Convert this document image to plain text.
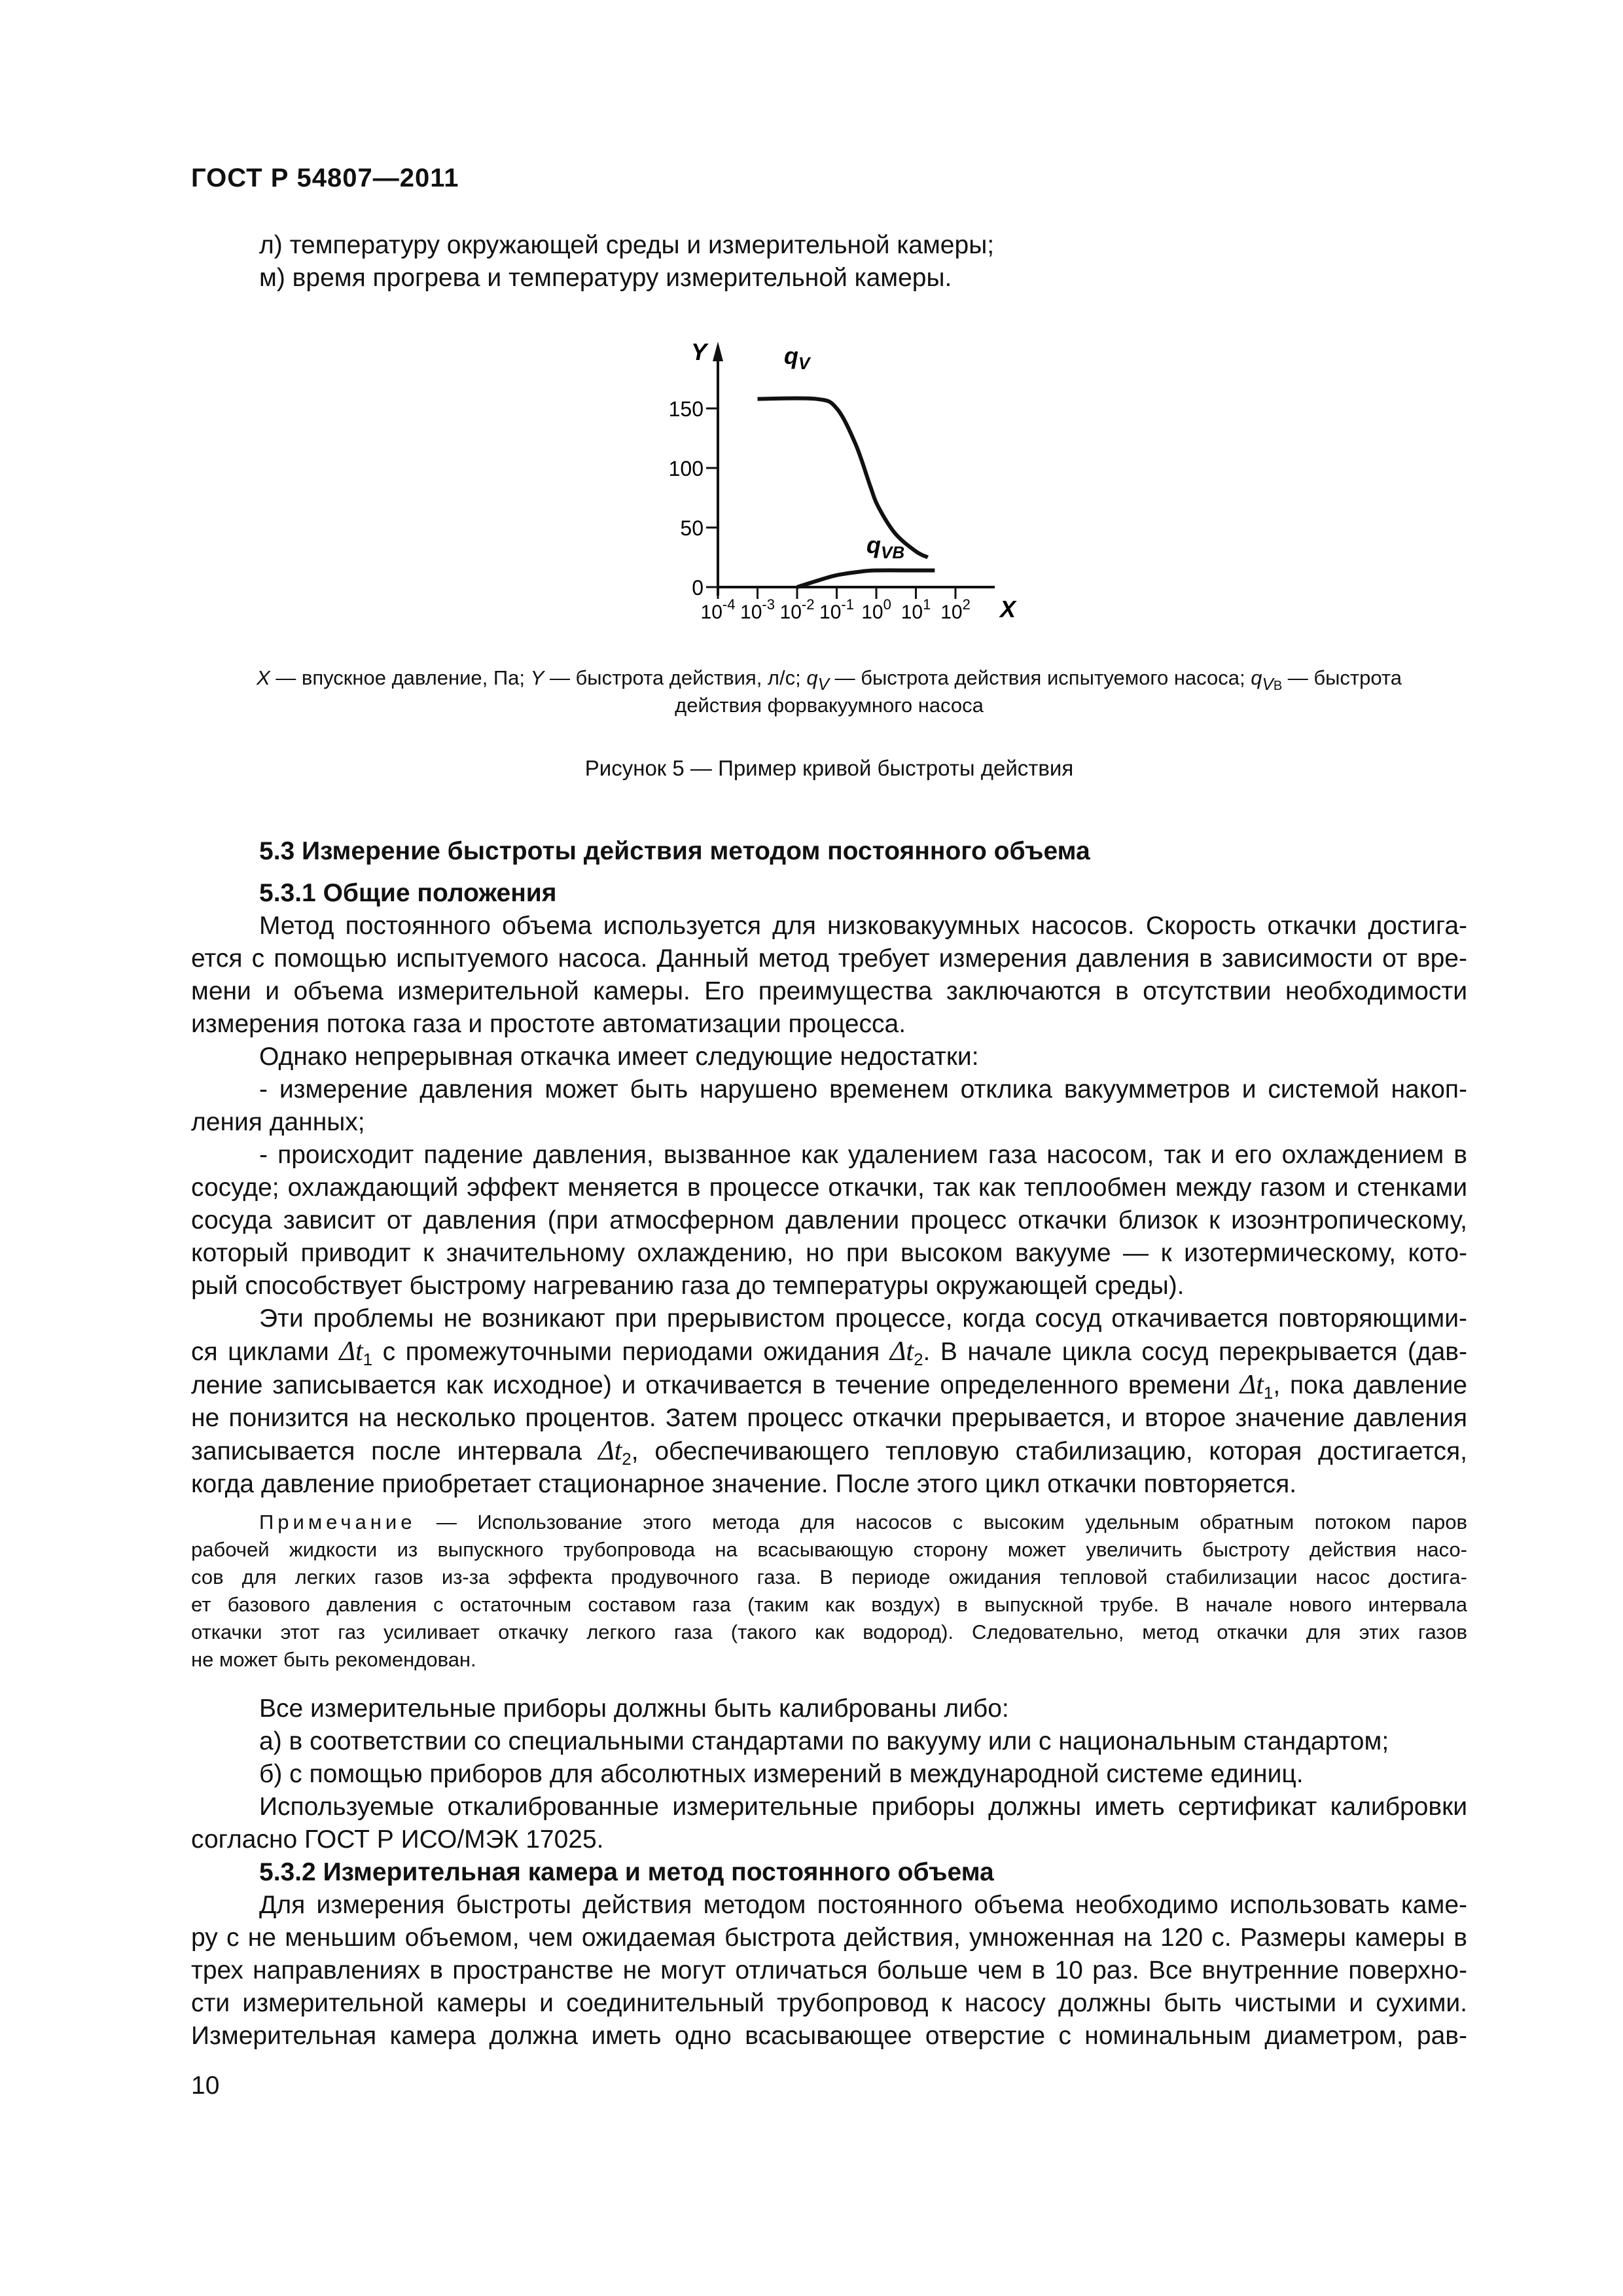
ГОСТ Р 54807—2011
л) температуру окружающей среды и измерительной камеры;
м) время прогрева и температуру измерительной камеры.
Y
X
0
50
100
150
$10^{-4}$ $10^{-3}$ $10^{-2}$ $10^{-1}$ $10^0$ $10^1$ $10^2$
$q_V$
$q_{VB}$
X — впускное давление, Па; Y — быстрота действия, л/с; $q_V$ — быстрота действия испытуемого насоса; $q_{VВ}$ — быстрота
действия форвакуумного насоса
Рисунок 5 — Пример кривой быстроты действия
5.3 Измерение быстроты действия методом постоянного объема
5.3.1 Общие положения
Метод постоянного объема используется для низковакуумных насосов. Скорость откачки достига-
ется с помощью испытуемого насоса. Данный метод требует измерения давления в зависимости от вре-
мени и объема измерительной камеры. Его преимущества заключаются в отсутствии необходимости
измерения потока газа и простоте автоматизации процесса.
Однако непрерывная откачка имеет следующие недостатки:
- измерение давления может быть нарушено временем отклика вакуумметров и системой накоп-
ления данных;
- происходит падение давления, вызванное как удалением газа насосом, так и его охлаждением в
сосуде; охлаждающий эффект меняется в процессе откачки, так как теплообмен между газом и стенками
сосуда зависит от давления (при атмосферном давлении процесс откачки близок к изоэнтропическому,
который приводит к значительному охлаждению, но при высоком вакууме — к изотермическому, кото-
рый способствует быстрому нагреванию газа до температуры окружающей среды).
Эти проблемы не возникают при прерывистом процессе, когда сосуд откачивается повторяющими-
ся циклами $\Delta t_1$ с промежуточными периодами ожидания $\Delta t_2$. В начале цикла сосуд перекрывается (дав-
ление записывается как исходное) и откачивается в течение определенного времени $\Delta t_1$, пока давление
не понизится на несколько процентов. Затем процесс откачки прерывается, и второе значение давления
записывается после интервала $\Delta t_2$, обеспечивающего тепловую стабилизацию, которая достигается,
когда давление приобретает стационарное значение. После этого цикл откачки повторяется.
Примечание — Использование этого метода для насосов с высоким удельным обратным потоком паров
рабочей жидкости из выпускного трубопровода на всасывающую сторону может увеличить быстроту действия насо-
сов для легких газов из-за эффекта продувочного газа. В периоде ожидания тепловой стабилизации насос достига-
ет базового давления с остаточным составом газа (таким как воздух) в выпускной трубе. В начале нового интервала
откачки этот газ усиливает откачку легкого газа (такого как водород). Следовательно, метод откачки для этих газов
не может быть рекомендован.
Все измерительные приборы должны быть калиброваны либо:
а) в соответствии со специальными стандартами по вакууму или с национальным стандартом;
б) с помощью приборов для абсолютных измерений в международной системе единиц.
Используемые откалиброванные измерительные приборы должны иметь сертификат калибровки
согласно ГОСТ Р ИСО/МЭК 17025.
5.3.2 Измерительная камера и метод постоянного объема
Для измерения быстроты действия методом постоянного объема необходимо использовать каме-
ру с не меньшим объемом, чем ожидаемая быстрота действия, умноженная на 120 с. Размеры камеры в
трех направлениях в пространстве не могут отличаться больше чем в 10 раз. Все внутренние поверхно-
сти измерительной камеры и соединительный трубопровод к насосу должны быть чистыми и сухими.
Измерительная камера должна иметь одно всасывающее отверстие с номинальным диаметром, рав-
10
